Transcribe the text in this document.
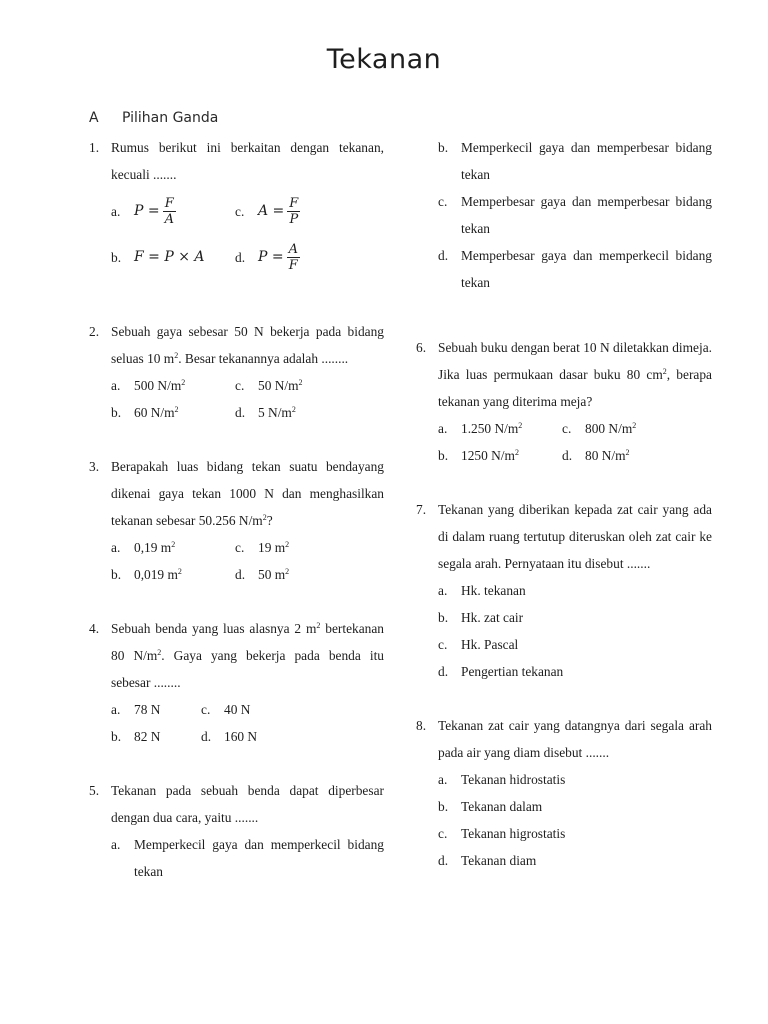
Tekanan
A Pilihan Ganda
1. Rumus berikut ini berkaitan dengan tekanan, kecuali .......
a. $P = \frac{F}{A}$	c. $A = \frac{F}{P}$
b. F = P × A d. $P = \frac{A}{F}$
2. Sebuah gaya sebesar 50 N bekerja pada bidang seluas 10 $m^2$. Besar tekanannya adalah ........
a.	500 $N/m^2$	c.	50 $N/m^2$
b. 60 $N/m^2$	d. 5 $N/m^2$
3. Berapakah luas bidang tekan suatu bendayang dikenai gaya tekan 1000 N dan menghasilkan tekanan sebesar 50.256 $N/m^2$?
a.	0,19 $m^2$	c.	19 $m^2$
b. 0,019 $m^2$	d. 50 $m^2$
4. Sebuah benda yang luas alasnya 2 $m^2$ bertekanan 80 $N/m^2$. Gaya yang bekerja pada benda itu sebesar ........
a.	78 N	c.	40 N
b. 82 N	d. 160 N
5. Tekanan pada sebuah benda dapat diperbesar dengan dua cara, yaitu .......
a.	Memperkecil gaya dan memperkecil bidang tekan
b. Memperkecil gaya dan memperbesar bidang tekan
c.	Memperbesar gaya dan memperbesar bidang tekan
d. Memperbesar gaya dan memperkecil bidang tekan
6. Sebuah buku dengan berat 10 N diletakkan dimeja. Jika luas permukaan dasar buku 80 $cm^2$, berapa tekanan yang diterima meja?
a.	1.250 $N/m^2$	c.	800 $N/m^2$
b. 1250 $N/m^2$	d. 80 $N/m^2$
7. Tekanan yang diberikan kepada zat cair yang ada di dalam ruang tertutup diteruskan oleh zat cair ke segala arah. Pernyataan itu disebut .......
a.	Hk. tekanan
b. Hk. zat cair
c.	Hk. Pascal
d. Pengertian tekanan
8. Tekanan zat cair yang datangnya dari segala arah pada air yang diam disebut .......
a.	Tekanan hidrostatis
b. Tekanan dalam
c.	Tekanan higrostatis
d. Tekanan diam
